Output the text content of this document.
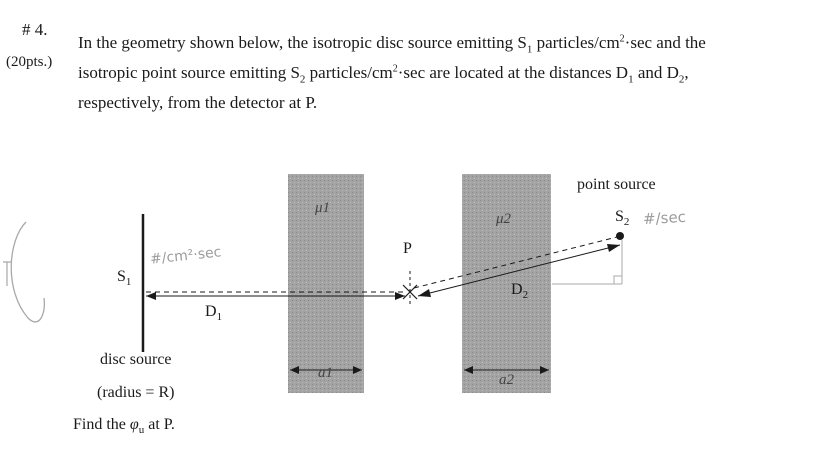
# 4.
(20pts.)
In the geometry shown below, the isotropic disc source emitting $S_1$ particles/$cm^2\cdot\sec$ and the
isotropic point source emitting $S_2$ particles/$cm^2\cdot\sec$ are located at the distances $D_1$ and $D_2$,
respectively, from the detector at P.
$S_1$
$D_1$
$D_2$
P
μ1
μ2
a1	a2
point source
$S_2$
disc source
(radius = R)
Find the $\varphi_u$ at P.
#/cm²·sec
#/sec
